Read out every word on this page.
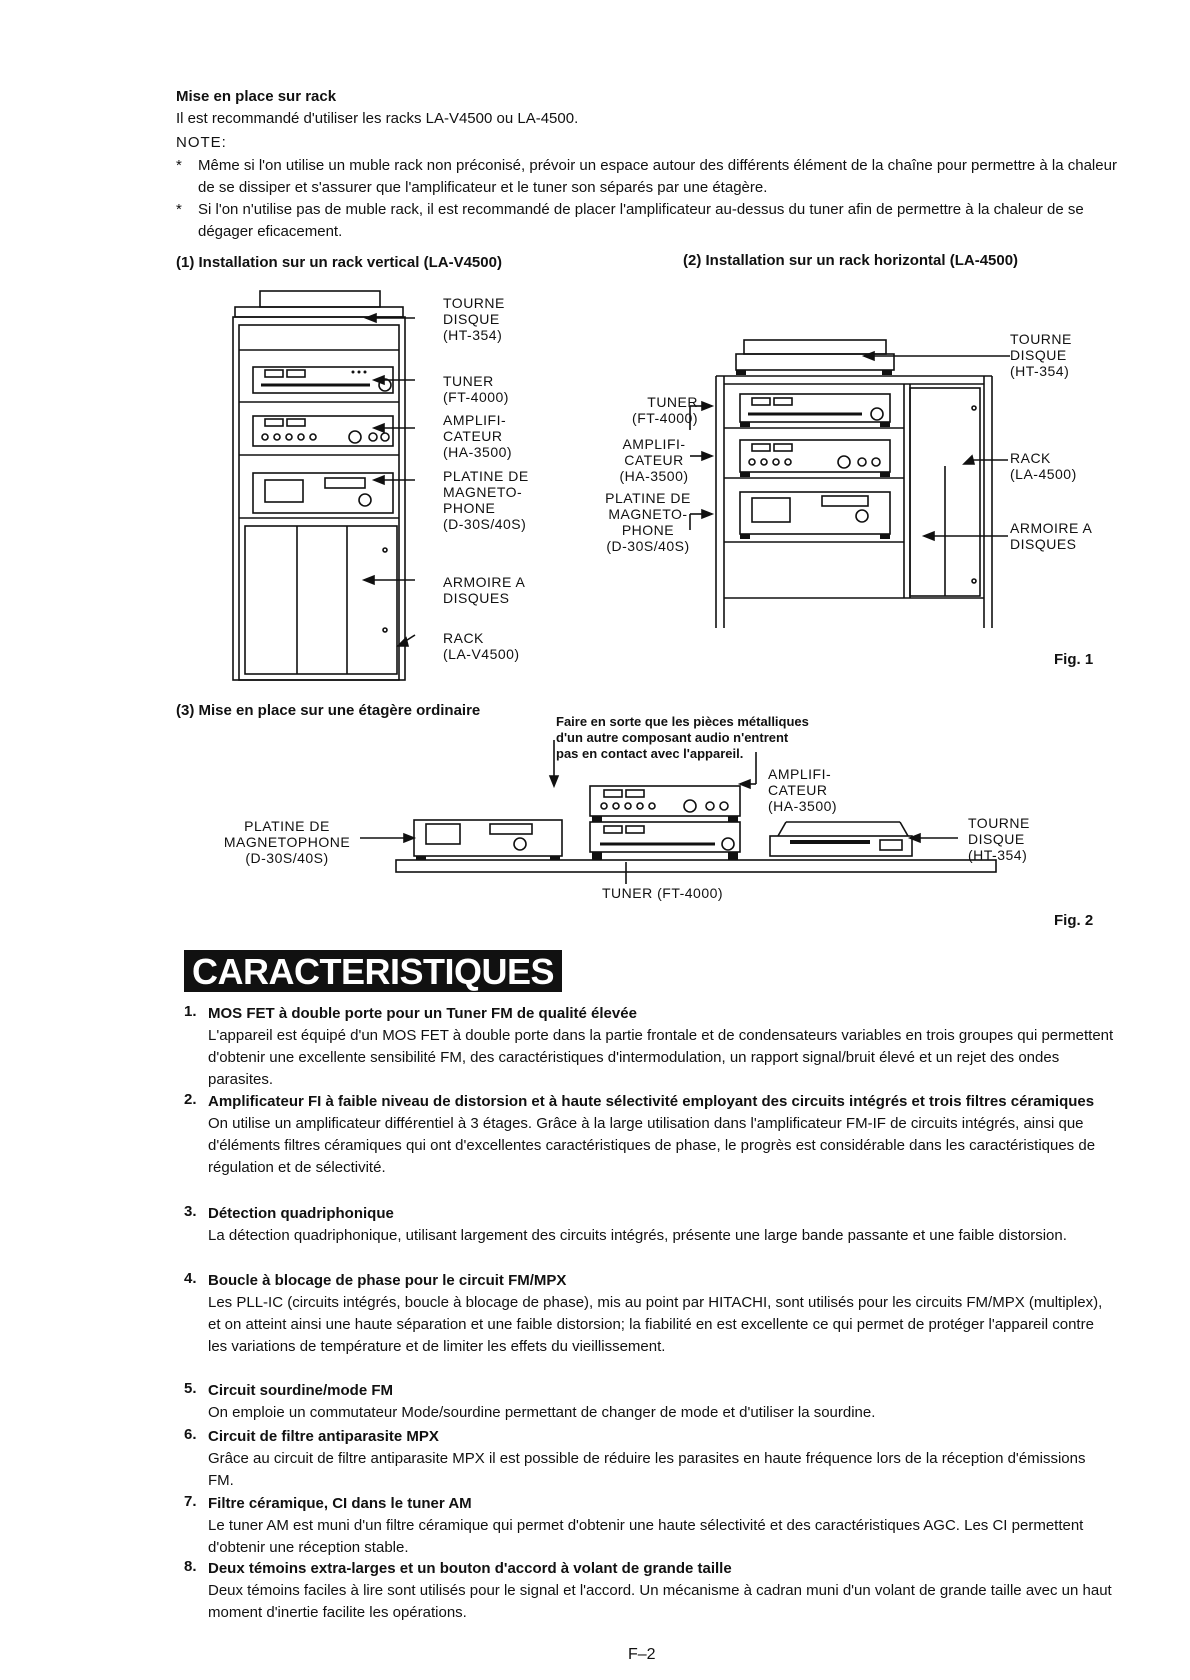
Mise en place sur rack
Il est recommandé d'utiliser les racks LA-V4500 ou LA-4500.
NOTE:
* Même si l'on utilise un muble rack non préconisé, prévoir un espace autour des différents élément de la chaîne pour permettre à la chaleur de se dissiper et s'assurer que l'amplificateur et le tuner son séparés par une étagère.
* Si l'on n'utilise pas de muble rack, il est recommandé de placer l'amplificateur au-dessus du tuner afin de permettre à la chaleur de se dégager eficacement.
(1) Installation sur un rack vertical (LA-V4500)	(2) Installation sur un rack horizontal (LA-4500)
TOURNE
DISQUE
(HT-354)
TUNER
(FT-4000)
AMPLIFI-
CATEUR
(HA-3500)
PLATINE DE
MAGNETO-
PHONE
(D-30S/40S)
ARMOIRE A
DISQUES
RACK
(LA-V4500)
TOURNE
DISQUE
(HT-354)
TUNER
(FT-4000)
AMPLIFI-
CATEUR
(HA-3500)
PLATINE DE
MAGNETO-
PHONE
(D-30S/40S)
RACK
(LA-4500)
ARMOIRE A
DISQUES
Fig. 1
(3) Mise en place sur une étagère ordinaire
Faire en sorte que les pièces métalliques
d'un autre composant audio n'entrent
pas en contact avec l'appareil.
AMPLIFI-
CATEUR
(HA-3500)
PLATINE DE
MAGNETOPHONE
(D-30S/40S)
TOURNE
DISQUE
(HT-354)
TUNER (FT-4000)
Fig. 2
CARACTERISTIQUES
1. MOS FET à double porte pour un Tuner FM de qualité élevée
L'appareil est équipé d'un MOS FET à double porte dans la partie frontale et de condensateurs variables en trois groupes qui permettent d'obtenir une excellente sensibilité FM, des caractéristiques d'intermodulation, un rapport signal/bruit élevé et un rejet des ondes parasites.
2. Amplificateur FI à faible niveau de distorsion et à haute sélectivité employant des circuits intégrés et trois filtres céramiques
On utilise un amplificateur différentiel à 3 étages. Grâce à la large utilisation dans l'amplificateur FM-IF de circuits intégrés, ainsi que d'éléments filtres céramiques qui ont d'excellentes caractéristiques de phase, le progrès est considérable dans les caractéristiques de régulation et de sélectivité.
3. Détection quadriphonique
La détection quadriphonique, utilisant largement des circuits intégrés, présente une large bande passante et une faible distorsion.
4. Boucle à blocage de phase pour le circuit FM/MPX
Les PLL-IC (circuits intégrés, boucle à blocage de phase), mis au point par HITACHI, sont utilisés pour les circuits FM/MPX (multiplex), et on atteint ainsi une haute séparation et une faible distorsion; la fiabilité en est excellente ce qui permet de protéger l'appareil contre les variations de température et de limiter les effets du vieillissement.
5. Circuit sourdine/mode FM
On emploie un commutateur Mode/sourdine permettant de changer de mode et d'utiliser la sourdine.
6. Circuit de filtre antiparasite MPX
Grâce au circuit de filtre antiparasite MPX il est possible de réduire les parasites en haute fréquence lors de la réception d'émissions FM.
7. Filtre céramique, CI dans le tuner AM
Le tuner AM est muni d'un filtre céramique qui permet d'obtenir une haute sélectivité et des caractéristiques AGC. Les CI permettent d'obtenir une réception stable.
8. Deux témoins extra-larges et un bouton d'accord à volant de grande taille
Deux témoins faciles à lire sont utilisés pour le signal et l'accord. Un mécanisme à cadran muni d'un volant de grande taille avec un haut moment d'inertie facilite les opérations.
F–2
